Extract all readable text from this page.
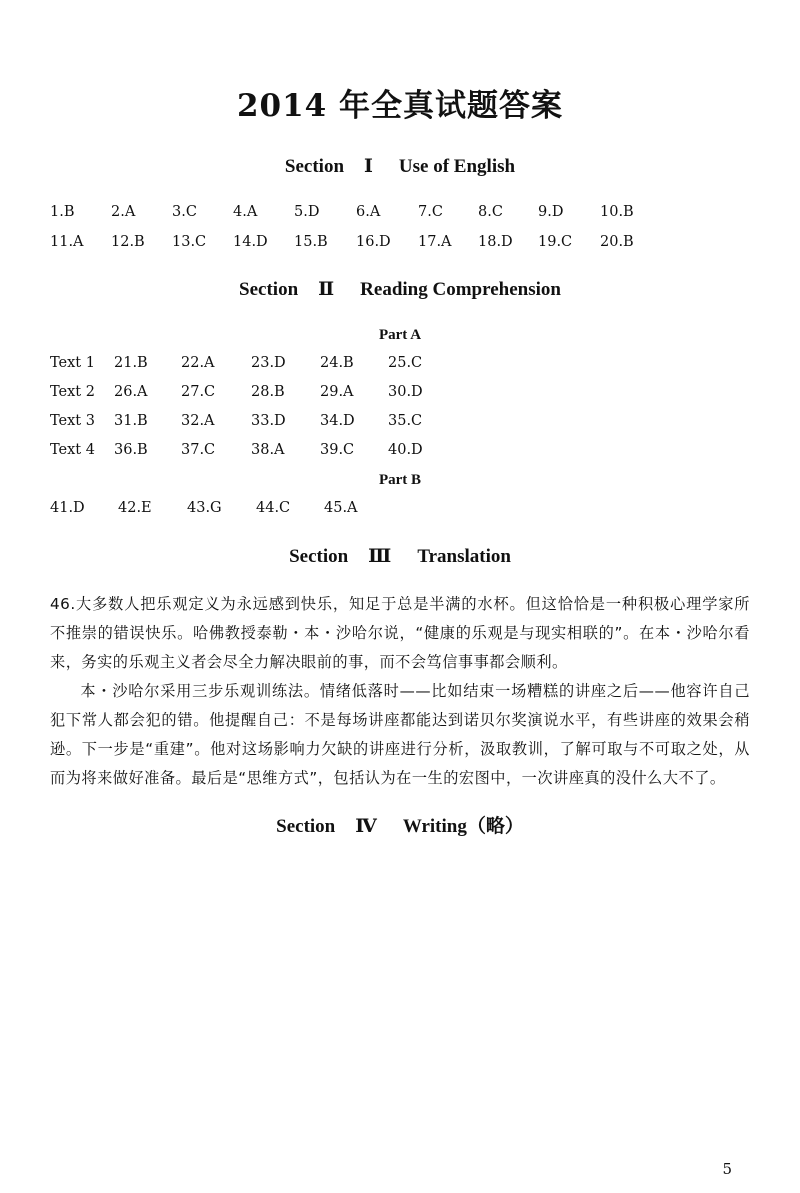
2014 年全真试题答案
Section Ⅰ Use of English
1.B	2.A	3.C 4.A	5.D	6.A	7.C 8.C 9.D	10.B
11.A 12.B 13.C 14.D 15.B 16.D 17.A 18.D 19.C 20.B
Section Ⅱ Reading Comprehension
Part A
Text 1 21.B 22.A	23.D 24.B 25.C
Text 2 26.A 27.C 28.B 29.A 30.D
Text 3 31.B 32.A	33.D 34.D 35.C
Text 4 36.B 37.C 38.A 39.C 40.D
Part B
41.D 42.E 43.G 44.C 45.A
Section Ⅲ Translation

46.大多数人把乐观定义为永远感到快乐，知足于总是半满的水杯。但这恰恰是一种积极心理学家所不推崇的错误快乐。哈佛教授泰勒・本・沙哈尔说，“健康的乐观是与现实相联的”。在本・沙哈尔看来，务实的乐观主义者会尽全力解决眼前的事，而不会笃信事事都会顺利。

本・沙哈尔采用三步乐观训练法。情绪低落时——比如结束一场糟糕的讲座之后——他容许自己犯下常人都会犯的错。他提醒自己：不是每场讲座都能达到诺贝尔奖演说水平，有些讲座的效果会稍逊。下一步是“重建”。他对这场影响力欠缺的讲座进行分析，汲取教训，了解可取与不可取之处，从而为将来做好准备。最后是“思维方式”，包括认为在一生的宏图中，一次讲座真的没什么大不了。

Section Ⅳ Writing（略）
5
